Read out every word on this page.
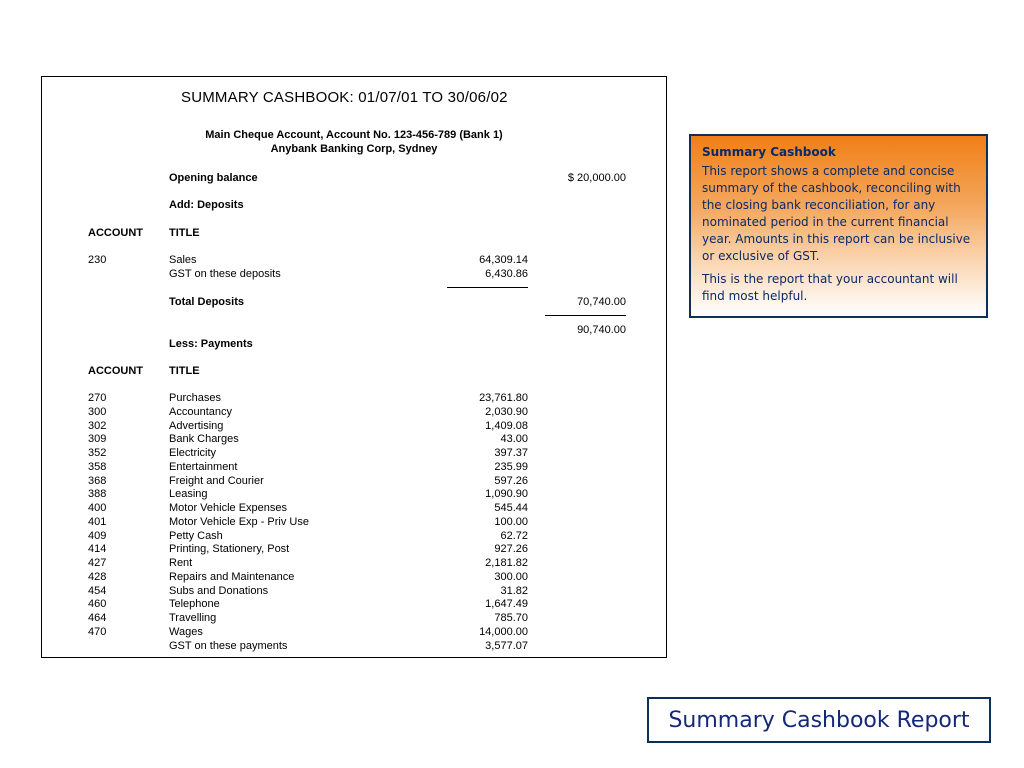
SUMMARY CASHBOOK: 01/07/01 TO 30/06/02
Main Cheque Account, Account No. 123-456-789 (Bank 1)
Anybank Banking Corp, Sydney
Opening balance	$ 20,000.00
Add: Deposits
ACCOUNT TITLE
230	Sales	64,309.14
GST on these deposits	6,430.86
Total Deposits	70,740.00
90,740.00
Less: Payments
ACCOUNT TITLE
270	Purchases	23,761.80
300	Accountancy	2,030.90
302	Advertising	1,409.08
309	Bank Charges	43.00
352	Electricity	397.37
358	Entertainment	235.99
368	Freight and Courier	597.26
388	Leasing	1,090.90
400	Motor Vehicle Expenses	545.44
401	Motor Vehicle Exp - Priv Use	100.00
409	Petty Cash	62.72
414	Printing, Stationery, Post	927.26
427	Rent	2,181.82
428	Repairs and Maintenance	300.00
454	Subs and Donations	31.82
460	Telephone	1,647.49
464	Travelling	785.70
470	Wages	14,000.00
GST on these payments	3,577.07
Summary Cashbook

This report shows a complete and concise summary of the cashbook, reconciling with the closing bank reconciliation, for any nominated period in the current financial year. Amounts in this report can be inclusive or exclusive of GST.

This is the report that your accountant will find most helpful.

Summary Cashbook Report
